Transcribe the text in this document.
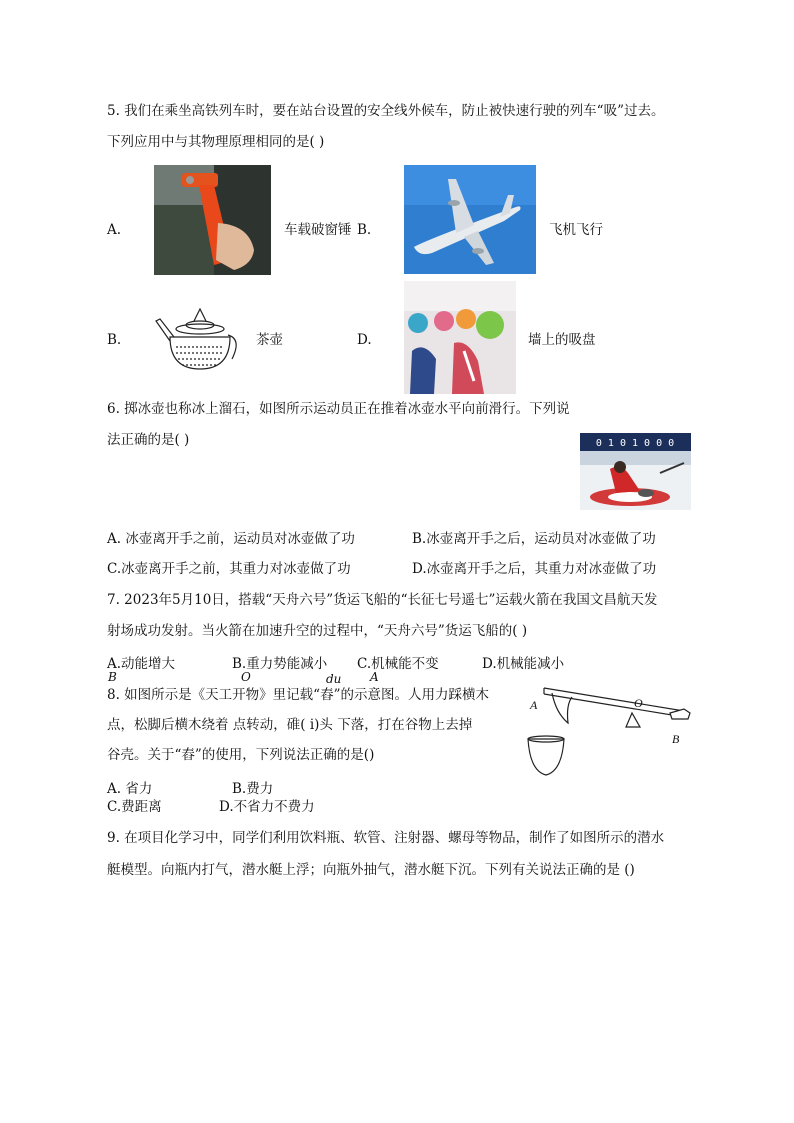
5. 我们在乘坐高铁列车时，要在站台设置的安全线外候车，防止被快速行驶的列车“吸”过去。
下列应用中与其物理原理相同的是( )
A.	车载破窗锤 B.	飞机飞行
B.	茶壶	D.	墙上的吸盘
6. 掷冰壶也称冰上溜石，如图所示运动员正在推着冰壶水平向前滑行。下列说
法正确的是( )	0 1 0 1 0 0 0
A. 冰壶离开手之前，运动员对冰壶做了功	B.冰壶离开手之后，运动员对冰壶做了功
C.冰壶离开手之前，其重力对冰壶做了功	D.冰壶离开手之后，其重力对冰壶做了功
7. 2023年5月10日，搭载“天舟六号”货运飞船的“长征七号遥七”运载火箭在我国文昌航天发
射场成功发射。当火箭在加速升空的过程中，“天舟六号”货运飞船的( )
A.动能增大	B.重力势能减小 C.机械能不变	D.机械能减小
B	O	du A
8. 如图所示是《天工开物》里记载“舂”的示意图。人用力踩横木
点，松脚后横木绕着 点转动，碓( i)头 下落，打在谷物上去掉
谷壳。关于“舂”的使用，下列说法正确的是()
A	O
B
A. 省力	B.费力
C.费距离	D.不省力不费力
9. 在项目化学习中，同学们利用饮料瓶、软管、注射器、螺母等物品，制作了如图所示的潜水
艇模型。向瓶内打气，潜水艇上浮；向瓶外抽气，潜水艇下沉。下列有关说法正确的是 ()
